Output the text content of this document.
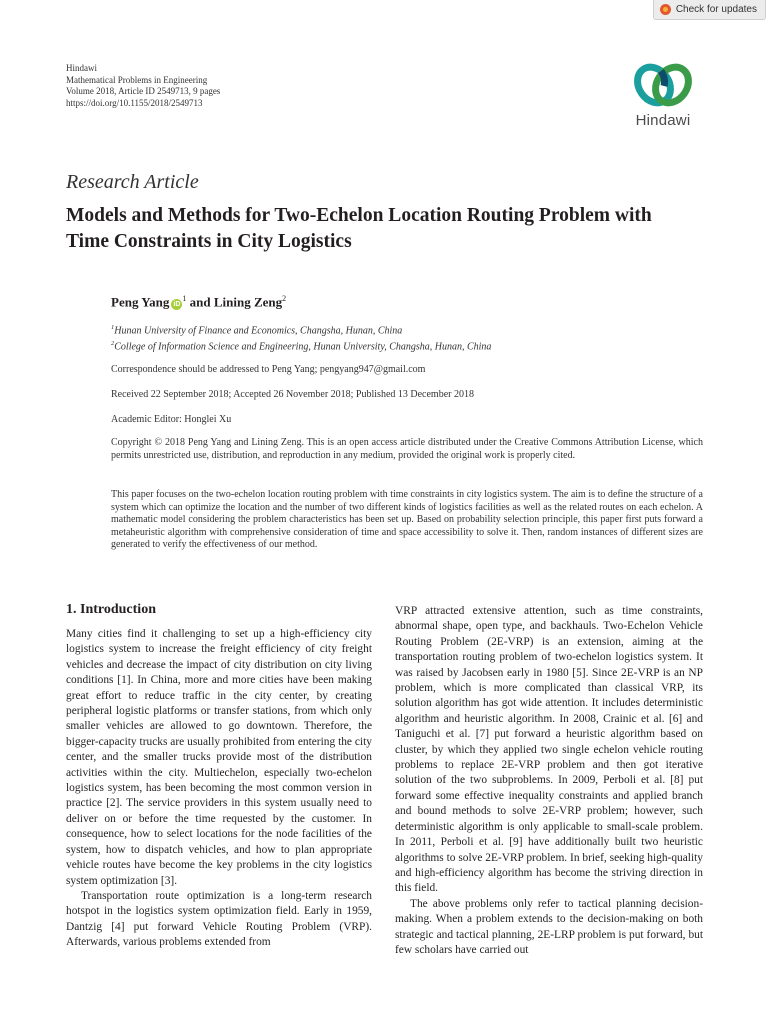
Check for updates
Hindawi
Mathematical Problems in Engineering
Volume 2018, Article ID 2549713, 9 pages
https://doi.org/10.1155/2018/2549713
Hindawi
Research Article
Models and Methods for Two-Echelon Location Routing Problem with Time Constraints in City Logistics
Peng Yang $iD^1$ and Lining Zeng$^2$
$^1$Hunan University of Finance and Economics, Changsha, Hunan, China
$^2$College of Information Science and Engineering, Hunan University, Changsha, Hunan, China
Correspondence should be addressed to Peng Yang; pengyang947@gmail.com
Received 22 September 2018; Accepted 26 November 2018; Published 13 December 2018
Academic Editor: Honglei Xu
Copyright © 2018 Peng Yang and Lining Zeng. This is an open access article distributed under the Creative Commons Attribution License, which permits unrestricted use, distribution, and reproduction in any medium, provided the original work is properly cited.
This paper focuses on the two-echelon location routing problem with time constraints in city logistics system. The aim is to define the structure of a system which can optimize the location and the number of two different kinds of logistics facilities as well as the related routes on each echelon. A mathematic model considering the problem characteristics has been set up. Based on probability selection principle, this paper first puts forward a metaheuristic algorithm with comprehensive consideration of time and space accessibility to solve it. Then, random instances of different sizes are generated to verify the effectiveness of our method.
1. Introduction

Many cities find it challenging to set up a high-efficiency city logistics system to increase the freight efficiency of city freight vehicles and decrease the impact of city distribution on city living conditions [1]. In China, more and more cities have been making great effort to reduce traffic in the city center, by creating peripheral logistic platforms or transfer stations, from which only smaller vehicles are allowed to go downtown. Therefore, the bigger-capacity trucks are usually prohibited from entering the city center, and the smaller trucks provide most of the distribution activities within the city. Multiechelon, especially two-echelon logistics system, has been becoming the most common version in practice [2]. The service providers in this system usually need to deliver on or before the time requested by the customer. In consequence, how to select locations for the node facilities of the system, how to dispatch vehicles, and how to plan appropriate vehicle routes have become the key problems in the city logistics system optimization [3].

Transportation route optimization is a long-term research hotspot in the logistics system optimization field. Early in 1959, Dantzig [4] put forward Vehicle Routing Problem (VRP). Afterwards, various problems extended from

VRP attracted extensive attention, such as time constraints, abnormal shape, open type, and backhauls. Two-Echelon Vehicle Routing Problem (2E-VRP) is an extension, aiming at the transportation routing problem of two-echelon logistics system. It was raised by Jacobsen early in 1980 [5]. Since 2E-VRP is an NP problem, which is more complicated than classical VRP, its solution algorithm has got wide attention. It includes deterministic algorithm and heuristic algorithm. In 2008, Crainic et al. [6] and Taniguchi et al. [7] put forward a heuristic algorithm based on cluster, by which they applied two single echelon vehicle routing problems to replace 2E-VRP problem and then got iterative solution of the two subproblems. In 2009, Perboli et al. [8] put forward some effective inequality constraints and applied branch and bound methods to solve 2E-VRP problem; however, such deterministic algorithm is only applicable to small-scale problem. In 2011, Perboli et al. [9] have additionally built two heuristic algorithms to solve 2E-VRP problem. In brief, seeking high-quality and high-efficiency algorithm has become the striving direction in this field.

The above problems only refer to tactical planning decision-making. When a problem extends to the decision-making on both strategic and tactical planning, 2E-LRP problem is put forward, but few scholars have carried out
